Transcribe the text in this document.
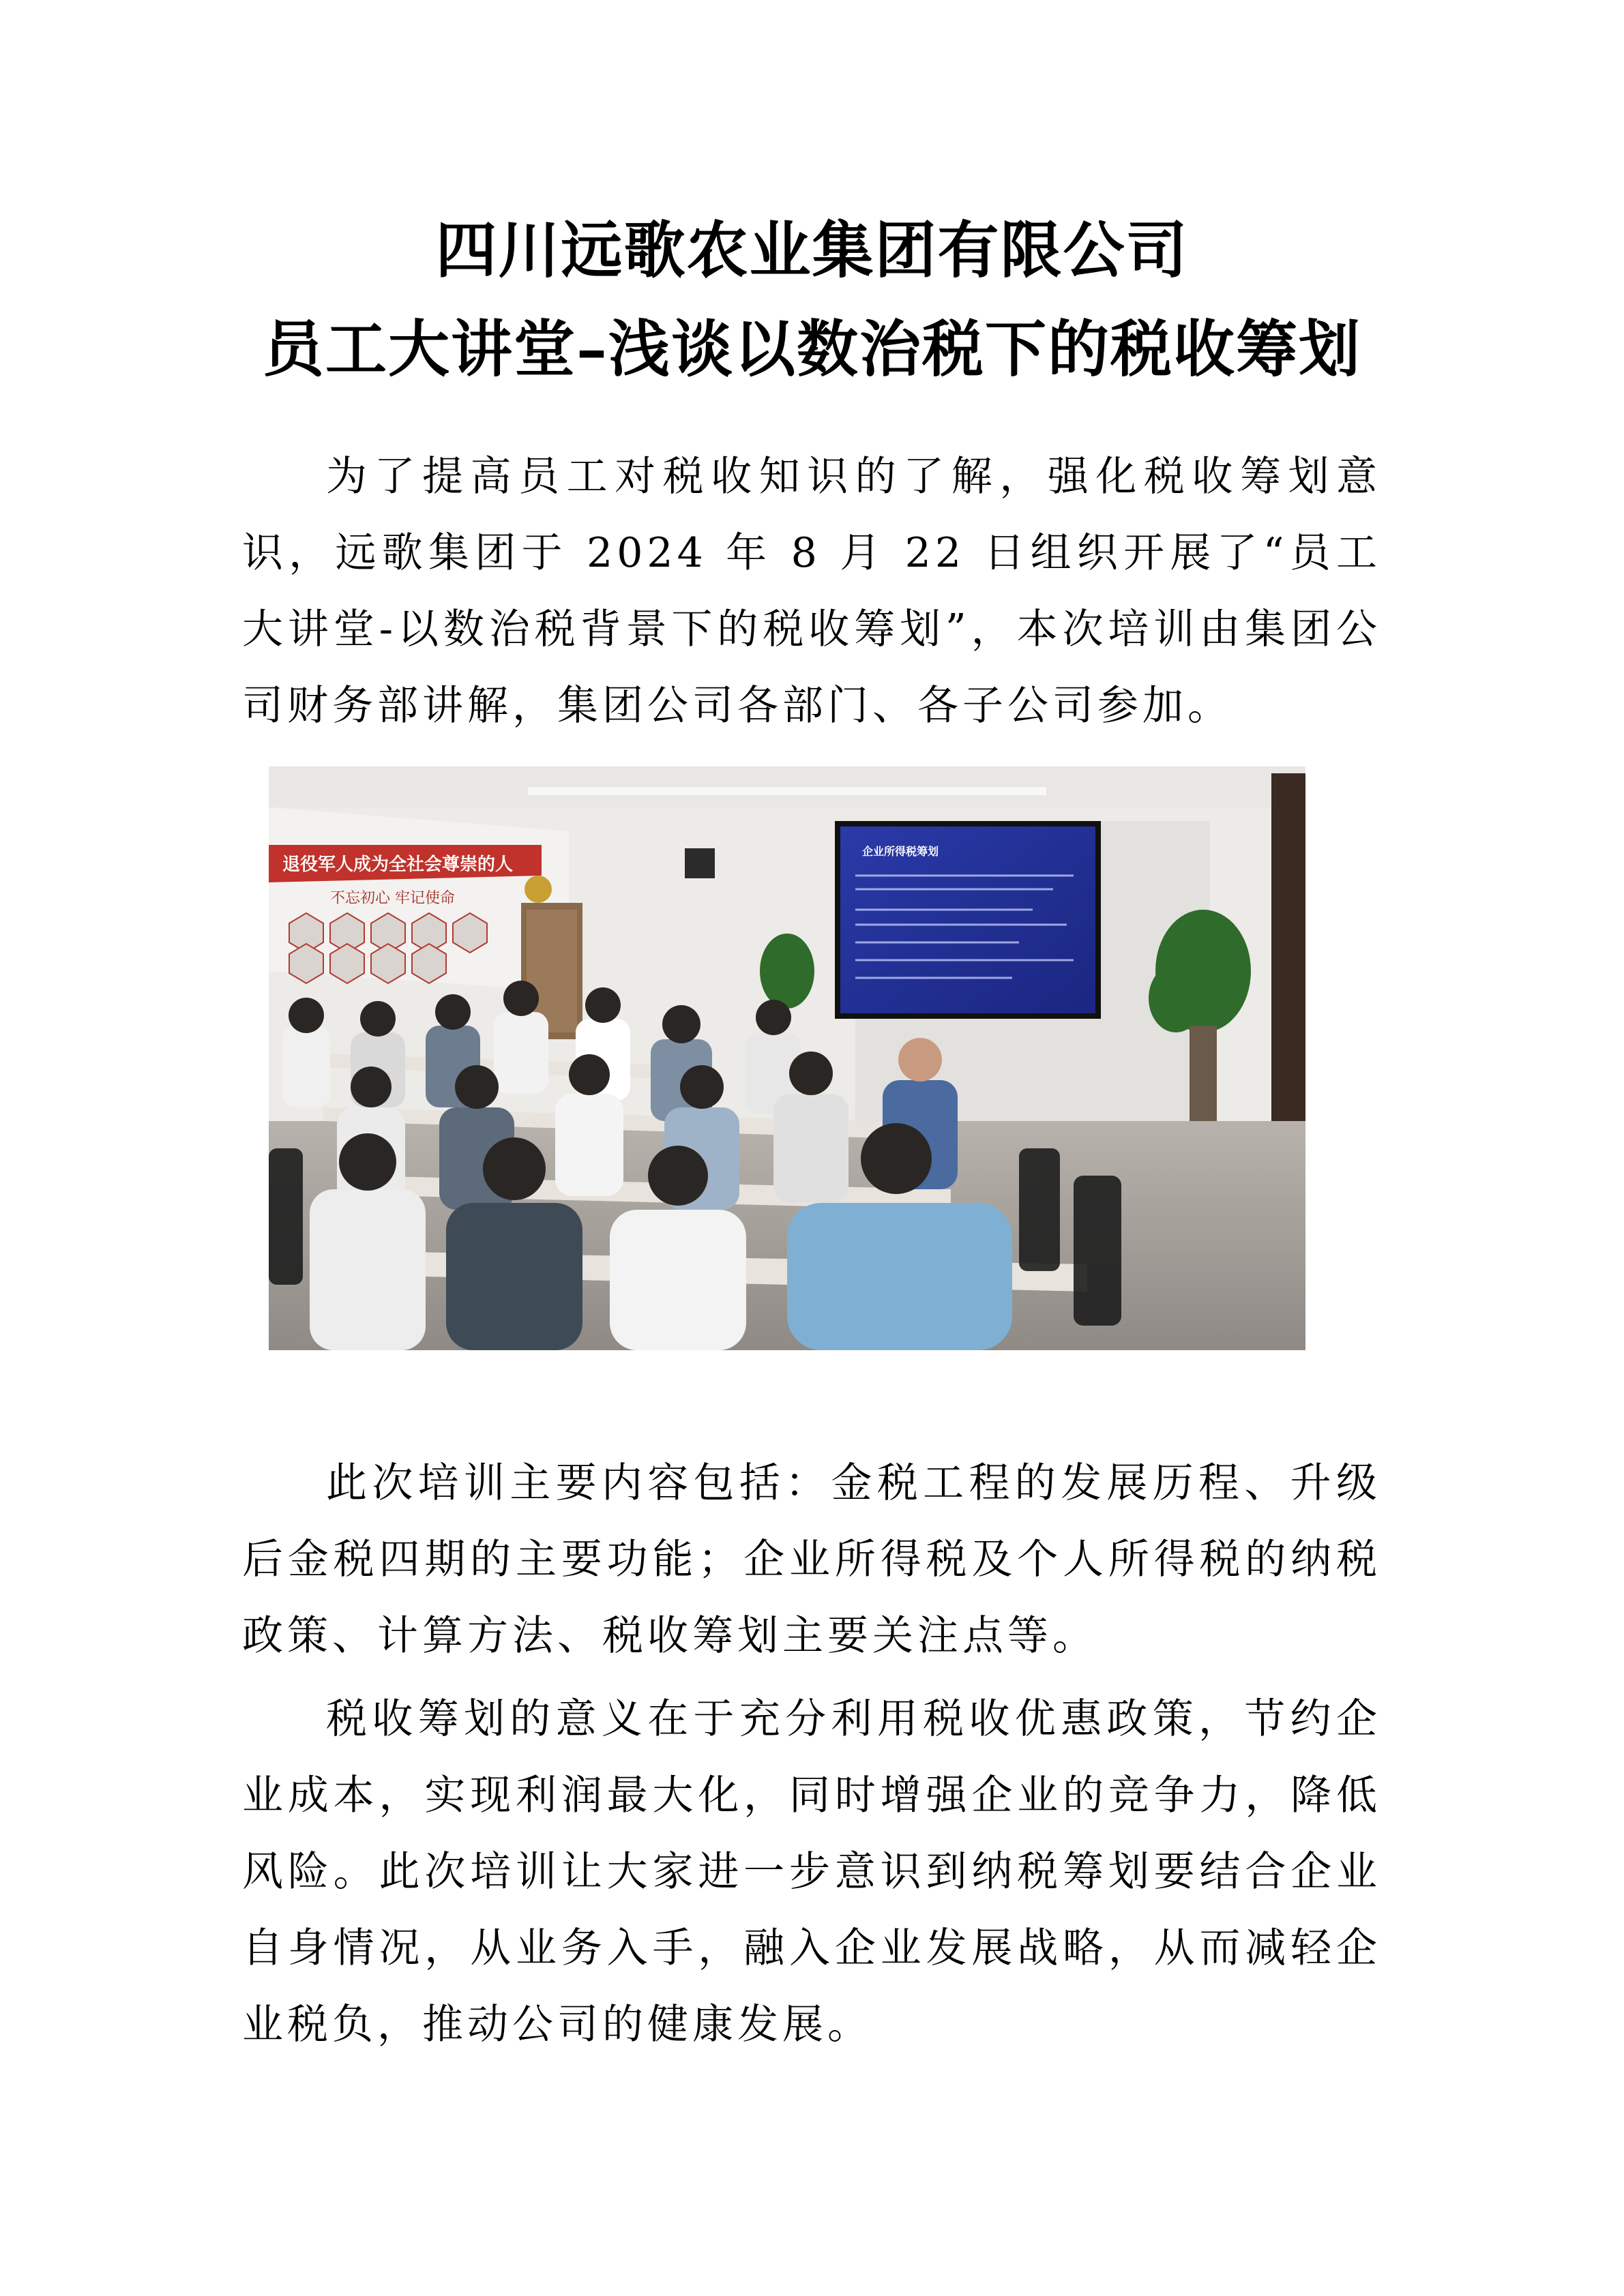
四川远歌农业集团有限公司
员工大讲堂–浅谈以数治税下的税收筹划

为了提高员工对税收知识的了解，强化税收筹划意识，远歌集团于 2024 年 8 月 22 日组织开展了“员工大讲堂-以数治税背景下的税收筹划”，本次培训由集团公司财务部讲解，集团公司各部门、各子公司参加。

退役军人成为全社会尊崇的人
不忘初心 牢记使命
企业所得税筹划

此次培训主要内容包括：金税工程的发展历程、升级后金税四期的主要功能；企业所得税及个人所得税的纳税政策、计算方法、税收筹划主要关注点等。

税收筹划的意义在于充分利用税收优惠政策，节约企业成本，实现利润最大化，同时增强企业的竞争力，降低风险。此次培训让大家进一步意识到纳税筹划要结合企业自身情况，从业务入手，融入企业发展战略，从而减轻企业税负，推动公司的健康发展。
